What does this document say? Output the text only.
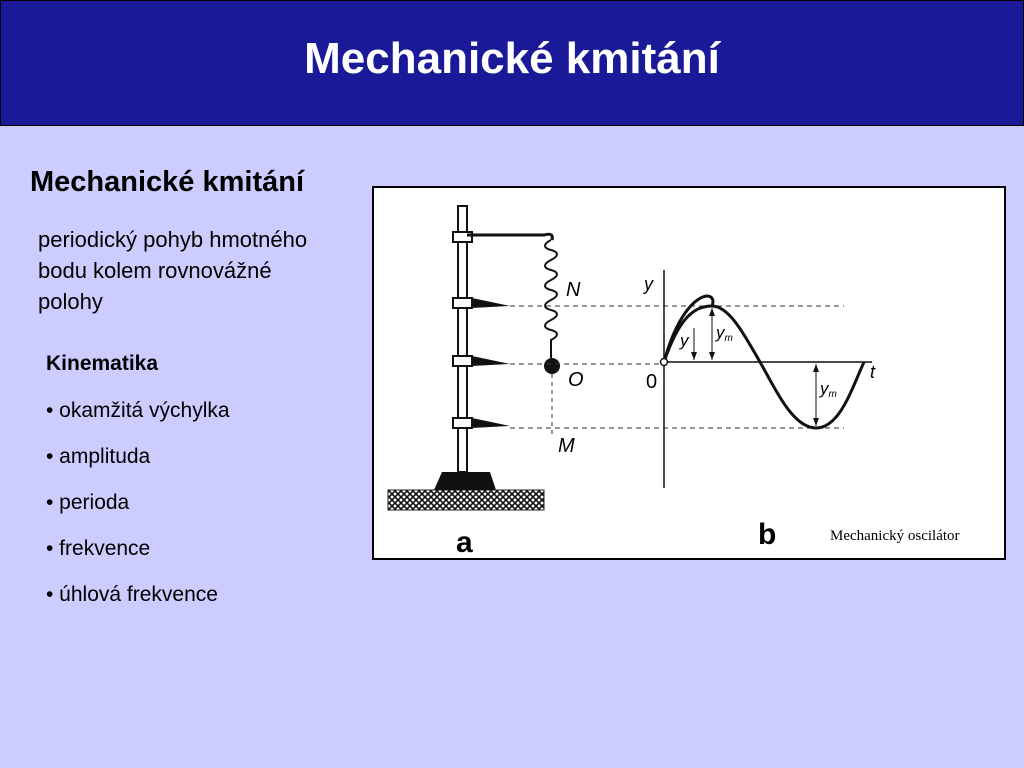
Mechanické kmitání
Mechanické kmitání
periodický pohyb hmotného bodu kolem rovnovážné polohy
Kinematika
• okamžitá výchylka
• amplituda
• perioda
• frekvence
• úhlová frekvence
N
O
M
y
t
0
y ym
ym
a	b	Mechanický oscilátor
